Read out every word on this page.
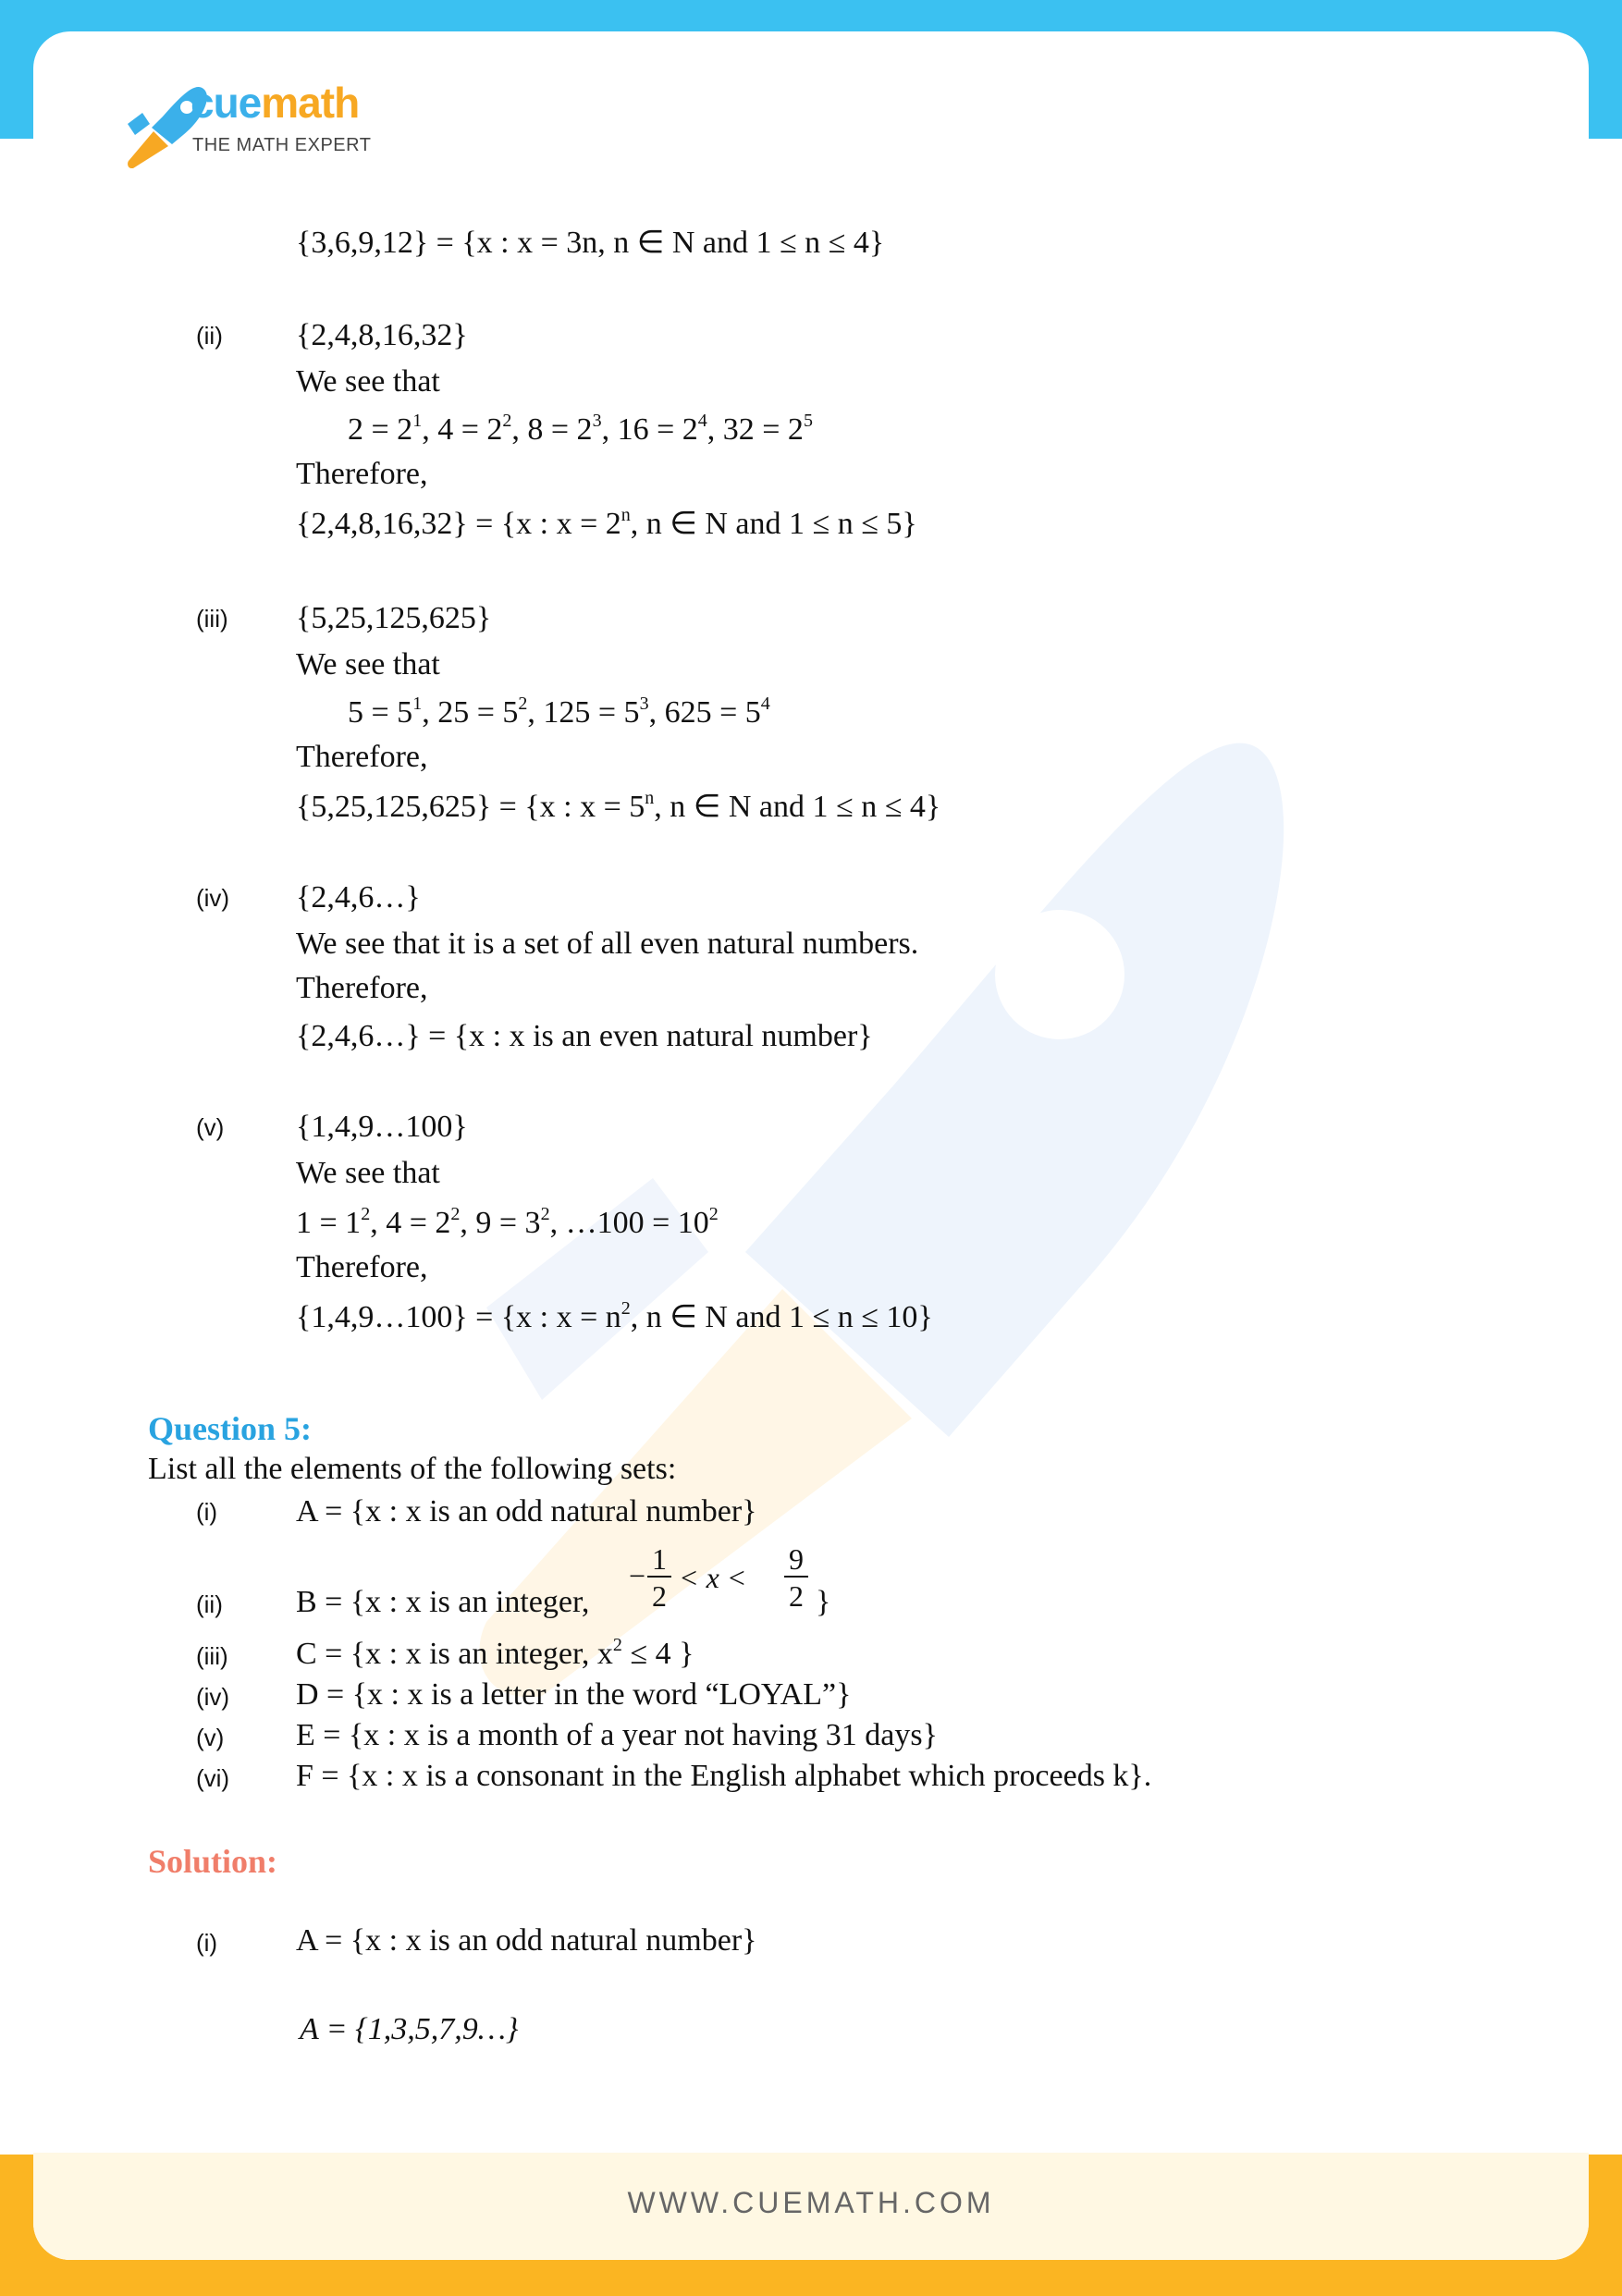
cuemath
THE MATH EXPERT
{3,6,9,12} = {x : x = 3n, n ∈ N and 1 ≤ n ≤ 4}
(ii) {2,4,8,16,32}
We see that
$2 = 2^1$, $4 = 2^2$, $8 = 2^3$, $16 = 2^4$, $32 = 2^5$
Therefore,
{2,4,8,16,32} = {x : $x = 2^n$, n ∈ N and 1 ≤ n ≤ 5}
(iii) {5,25,125,625}
We see that
$5 = 5^1$, $25 = 5^2$, $125 = 5^3$, $625 = 5^4$
Therefore,
{5,25,125,625} = {x : $x = 5^n$, n ∈ N and 1 ≤ n ≤ 4}
(iv) {2,4,6…}
We see that it is a set of all even natural numbers.
Therefore,
{2,4,6…} = {x : x is an even natural number}
(v) {1,4,9…100}
We see that
$1 = 1^2$, $4 = 2^2$, $9 = 3^2$, …100 = $10^2$
Therefore,
{1,4,9…100} = {x : $x = n^2$, n ∈ N and 1 ≤ n ≤ 10}
Question 5:
List all the elements of the following sets:
(i) A = {x : x is an odd natural number}
(ii) B = {x : x is an integer,
− $\frac{1}{2} < x < \frac{9}{2}$ }
(iii) C = {x : x is an integer, $x^2 \le 4$ }
(iv) D = {x : x is a letter in the word “LOYAL”}
(v) E = {x : x is a month of a year not having 31 days}
(vi) F = {x : x is a consonant in the English alphabet which proceeds k}.
Solution:
(i) A = {x : x is an odd natural number}
A = {1,3,5,7,9…}
WWW.CUEMATH.COM
